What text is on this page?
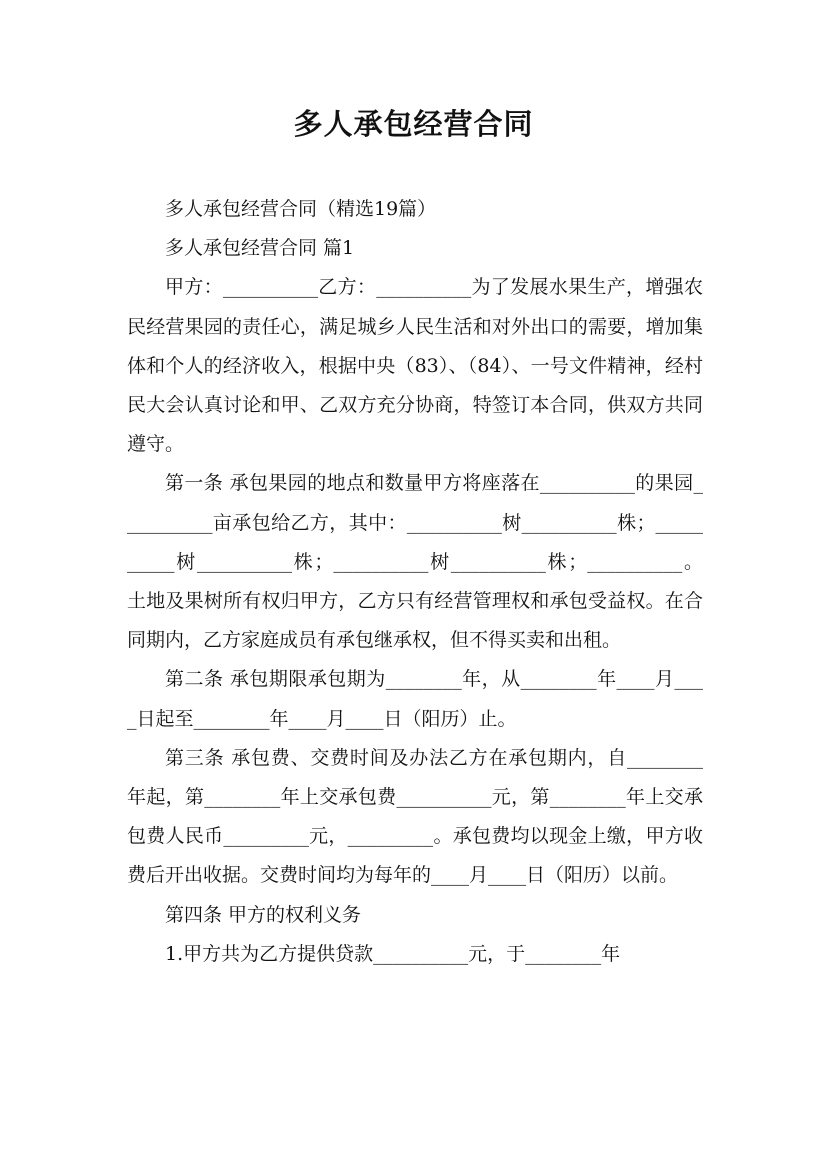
多人承包经营合同

多人承包经营合同（精选19篇）

多人承包经营合同 篇1

甲方：__________乙方：__________为了发展水果生产，增强农民经营果园的责任心，满足城乡人民生活和对外出口的需要，增加集体和个人的经济收入，根据中央（83）、（84）、一号文件精神，经村民大会认真讨论和甲、乙双方充分协商，特签订本合同，供双方共同遵守。

第一条 承包果园的地点和数量甲方将座落在__________的果园__________亩承包给乙方，其中：__________树__________株；__________树__________株；__________树__________株；__________。土地及果树所有权归甲方，乙方只有经营管理权和承包受益权。在合同期内，乙方家庭成员有承包继承权，但不得买卖和出租。

第二条 承包期限承包期为________年，从________年____月____日起至________年____月____日（阳历）止。

第三条 承包费、交费时间及办法乙方在承包期内，自________年起，第________年上交承包费__________元，第________年上交承包费人民币_________元，_________。承包费均以现金上缴，甲方收费后开出收据。交费时间均为每年的____月____日（阳历）以前。

第四条 甲方的权利义务

1.甲方共为乙方提供贷款__________元，于________年
